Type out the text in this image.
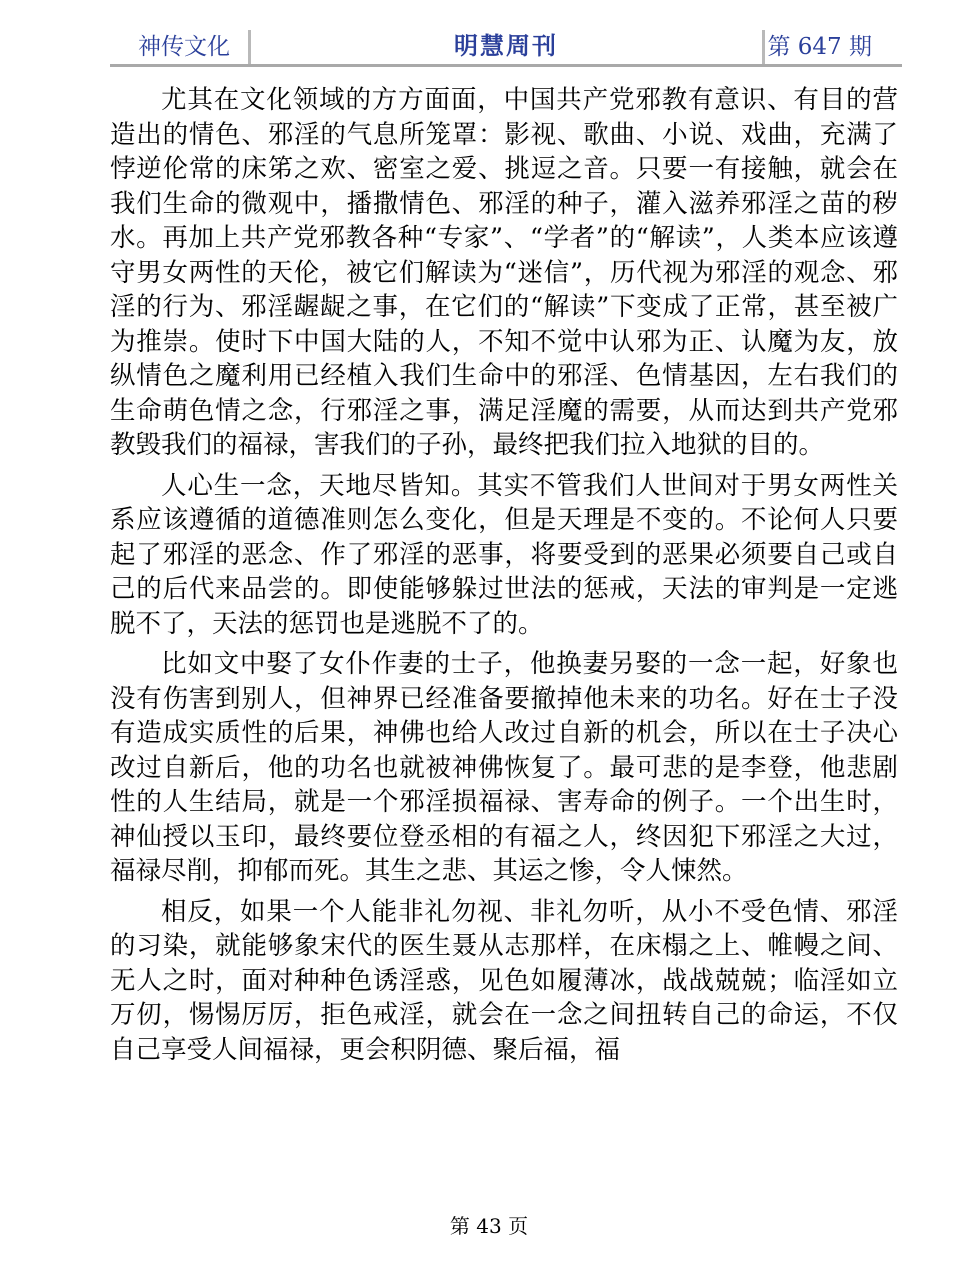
神传文化	明慧周刊	第 647 期

尤其在文化领域的方方面面，中国共产党邪教有意识、有目的营造出的情色、邪淫的气息所笼罩：影视、歌曲、小说、戏曲，充满了悖逆伦常的床笫之欢、密室之爱、挑逗之音。只要一有接触，就会在我们生命的微观中，播撒情色、邪淫的种子，灌入滋养邪淫之苗的秽水。再加上共产党邪教各种“专家”、“学者”的“解读”，人类本应该遵守男女两性的天伦，被它们解读为“迷信”，历代视为邪淫的观念、邪淫的行为、邪淫龌龊之事，在它们的“解读”下变成了正常，甚至被广为推崇。使时下中国大陆的人，不知不觉中认邪为正、认魔为友，放纵情色之魔利用已经植入我们生命中的邪淫、色情基因，左右我们的生命萌色情之念，行邪淫之事，满足淫魔的需要，从而达到共产党邪教毁我们的福禄，害我们的子孙，最终把我们拉入地狱的目的。

人心生一念，天地尽皆知。其实不管我们人世间对于男女两性关系应该遵循的道德准则怎么变化，但是天理是不变的。不论何人只要起了邪淫的恶念、作了邪淫的恶事，将要受到的恶果必须要自己或自己的后代来品尝的。即使能够躲过世法的惩戒，天法的审判是一定逃脱不了，天法的惩罚也是逃脱不了的。

比如文中娶了女仆作妻的士子，他换妻另娶的一念一起，好象也没有伤害到别人，但神界已经准备要撤掉他未来的功名。好在士子没有造成实质性的后果，神佛也给人改过自新的机会，所以在士子决心改过自新后，他的功名也就被神佛恢复了。最可悲的是李登，他悲剧性的人生结局，就是一个邪淫损福禄、害寿命的例子。一个出生时，神仙授以玉印，最终要位登丞相的有福之人，终因犯下邪淫之大过，福禄尽削，抑郁而死。其生之悲、其运之惨，令人悚然。

相反，如果一个人能非礼勿视、非礼勿听，从小不受色情、邪淫的习染，就能够象宋代的医生聂从志那样，在床榻之上、帷幔之间、无人之时，面对种种色诱淫惑，见色如履薄冰，战战兢兢；临淫如立万仞，惕惕厉厉，拒色戒淫，就会在一念之间扭转自己的命运，不仅自己享受人间福禄，更会积阴德、聚后福，福

第 43 页
